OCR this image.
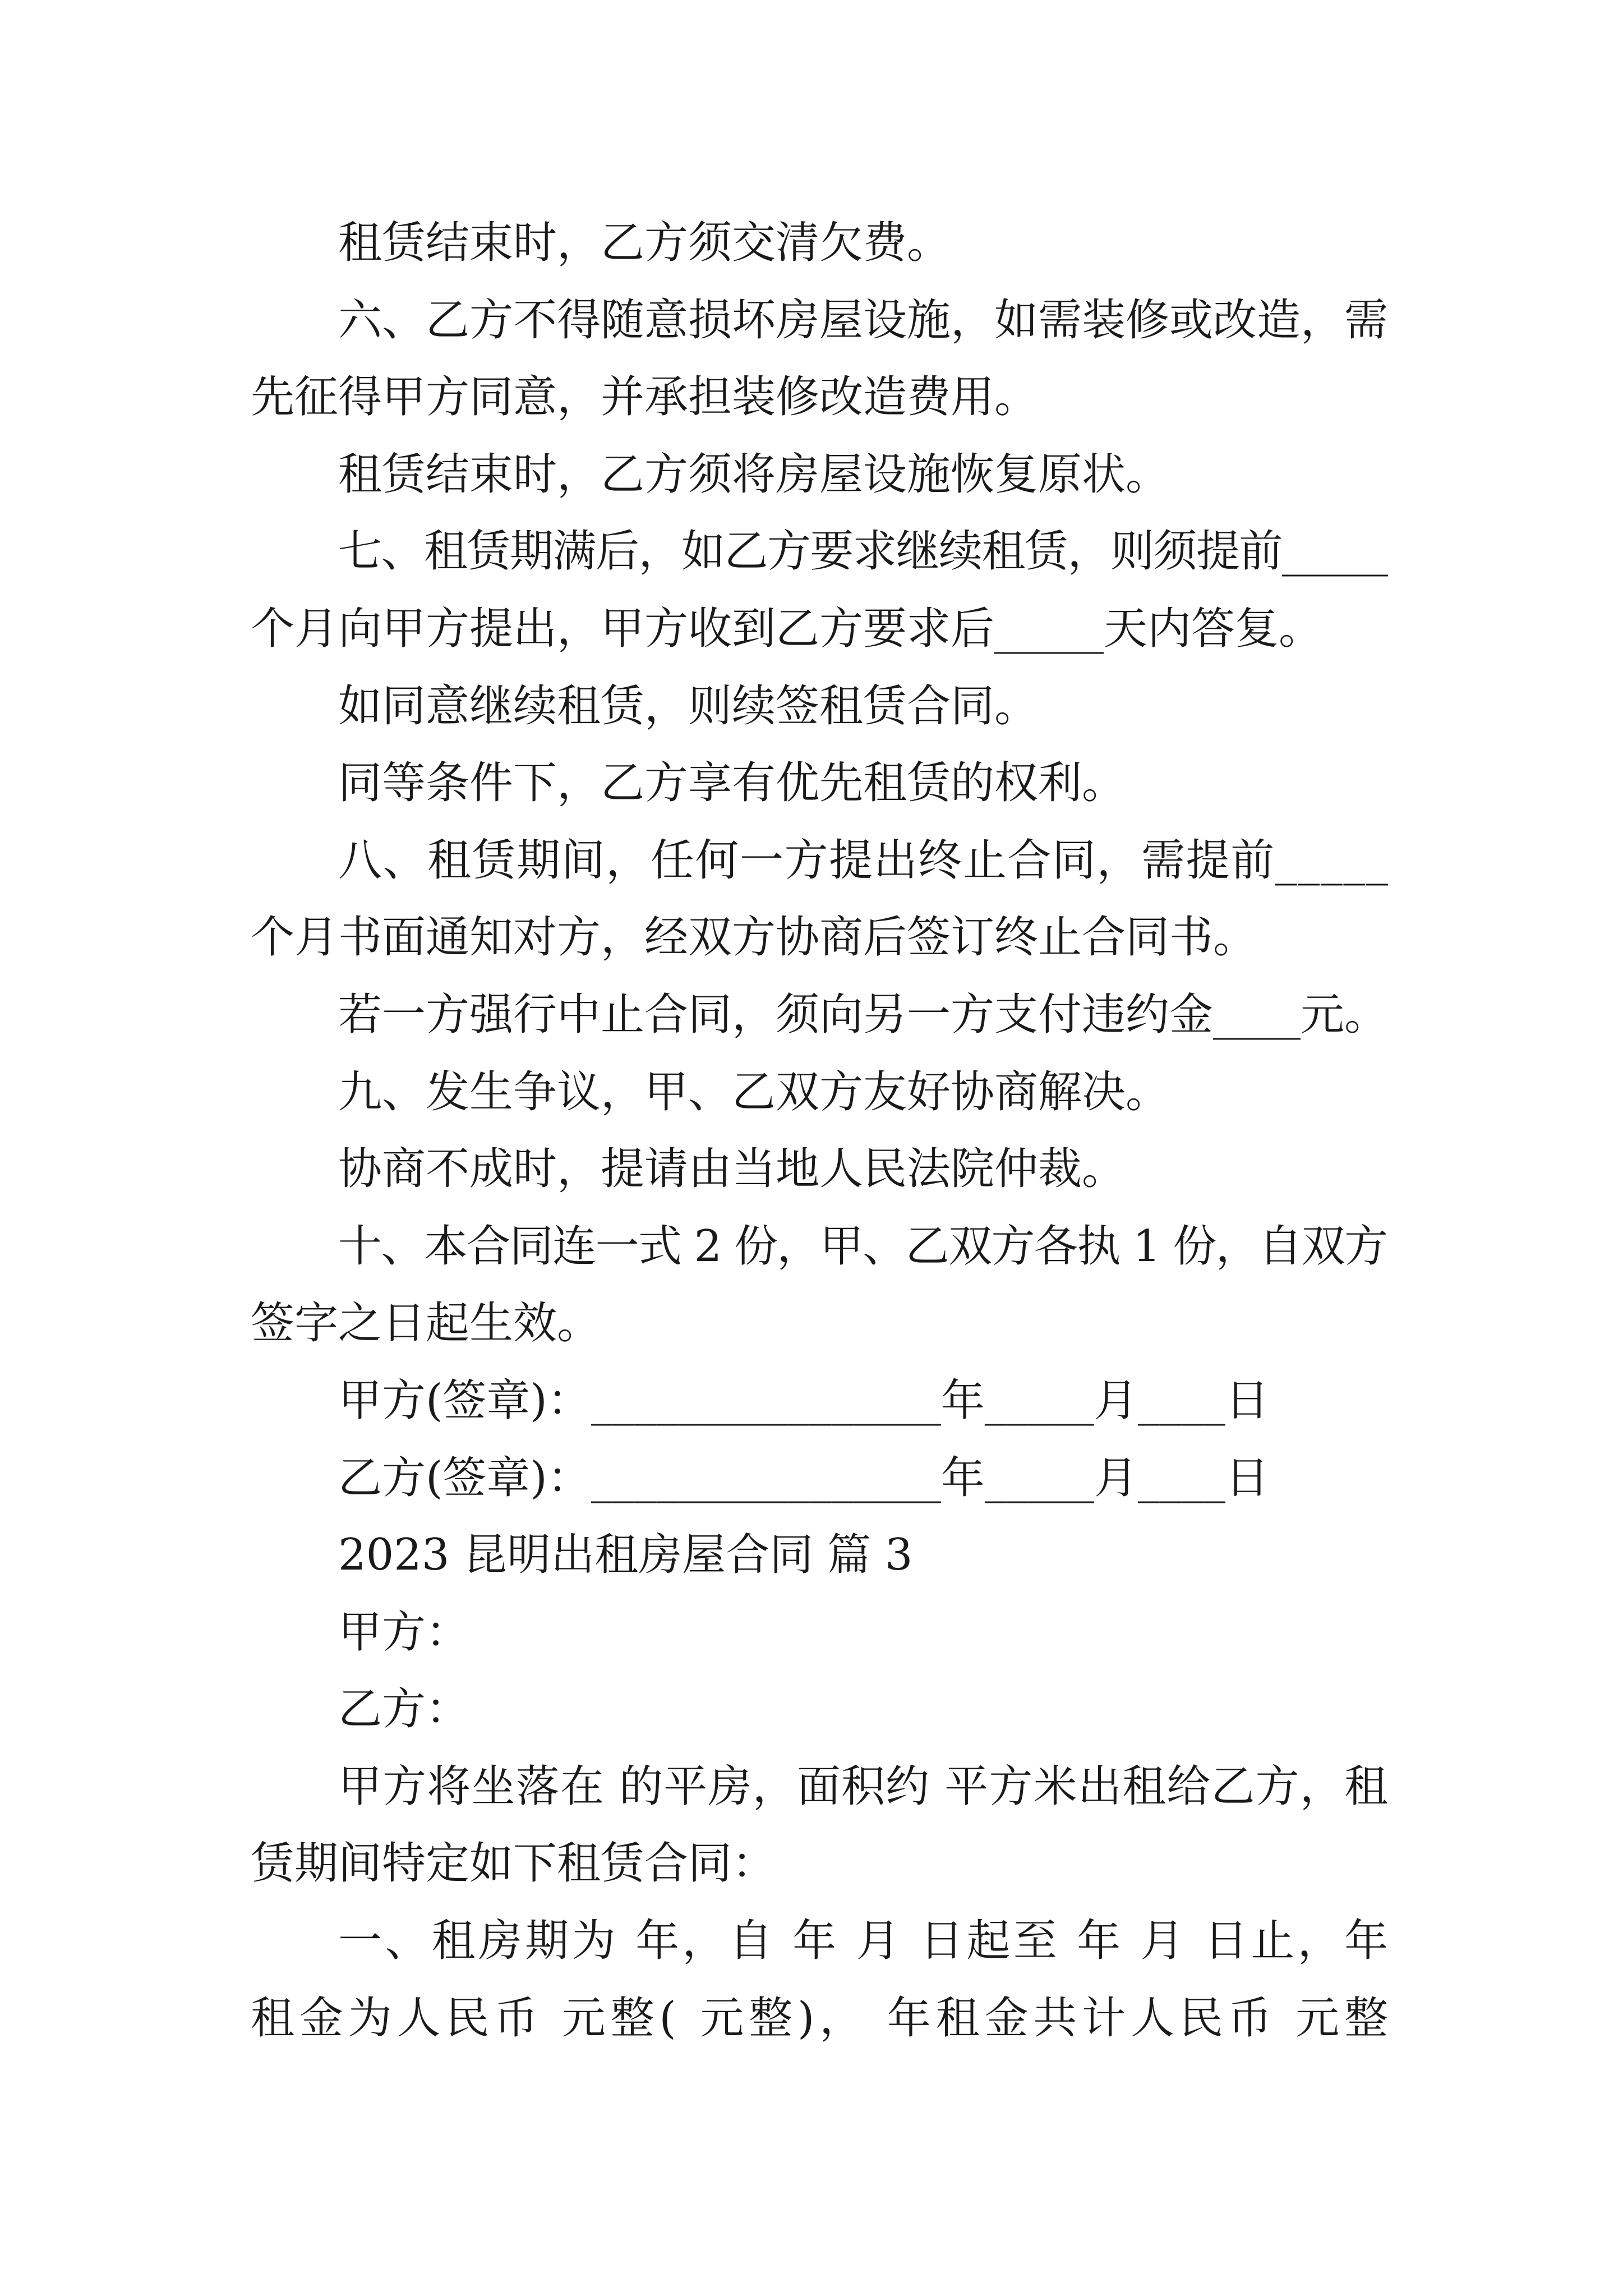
租赁结束时，乙方须交清欠费。
六、乙方不得随意损坏房屋设施，如需装修或改造，需
先征得甲方同意，并承担装修改造费用。
租赁结束时，乙方须将房屋设施恢复原状。
七、租赁期满后，如乙方要求继续租赁，则须提前_____
个月向甲方提出，甲方收到乙方要求后_____天内答复。
如同意继续租赁，则续签租赁合同。
同等条件下，乙方享有优先租赁的权利。
八、租赁期间，任何一方提出终止合同，需提前_____
个月书面通知对方，经双方协商后签订终止合同书。
若一方强行中止合同，须向另一方支付违约金____元。
九、发生争议，甲、乙双方友好协商解决。
协商不成时，提请由当地人民法院仲裁。
十、本合同连一式 2 份，甲、乙双方各执 1 份，自双方
签字之日起生效。
甲方(签章)：________________年_____月____日
乙方(签章)：________________年_____月____日
2023 昆明出租房屋合同 篇 3
甲方：
乙方：
甲方将坐落在 的平房，面积约 平方米出租给乙方，租
赁期间特定如下租赁合同：
一、租房期为 年，自 年 月 日起至 年 月 日止，年
租金为人民币 元整( 元整)， 年租金共计人民币 元整
